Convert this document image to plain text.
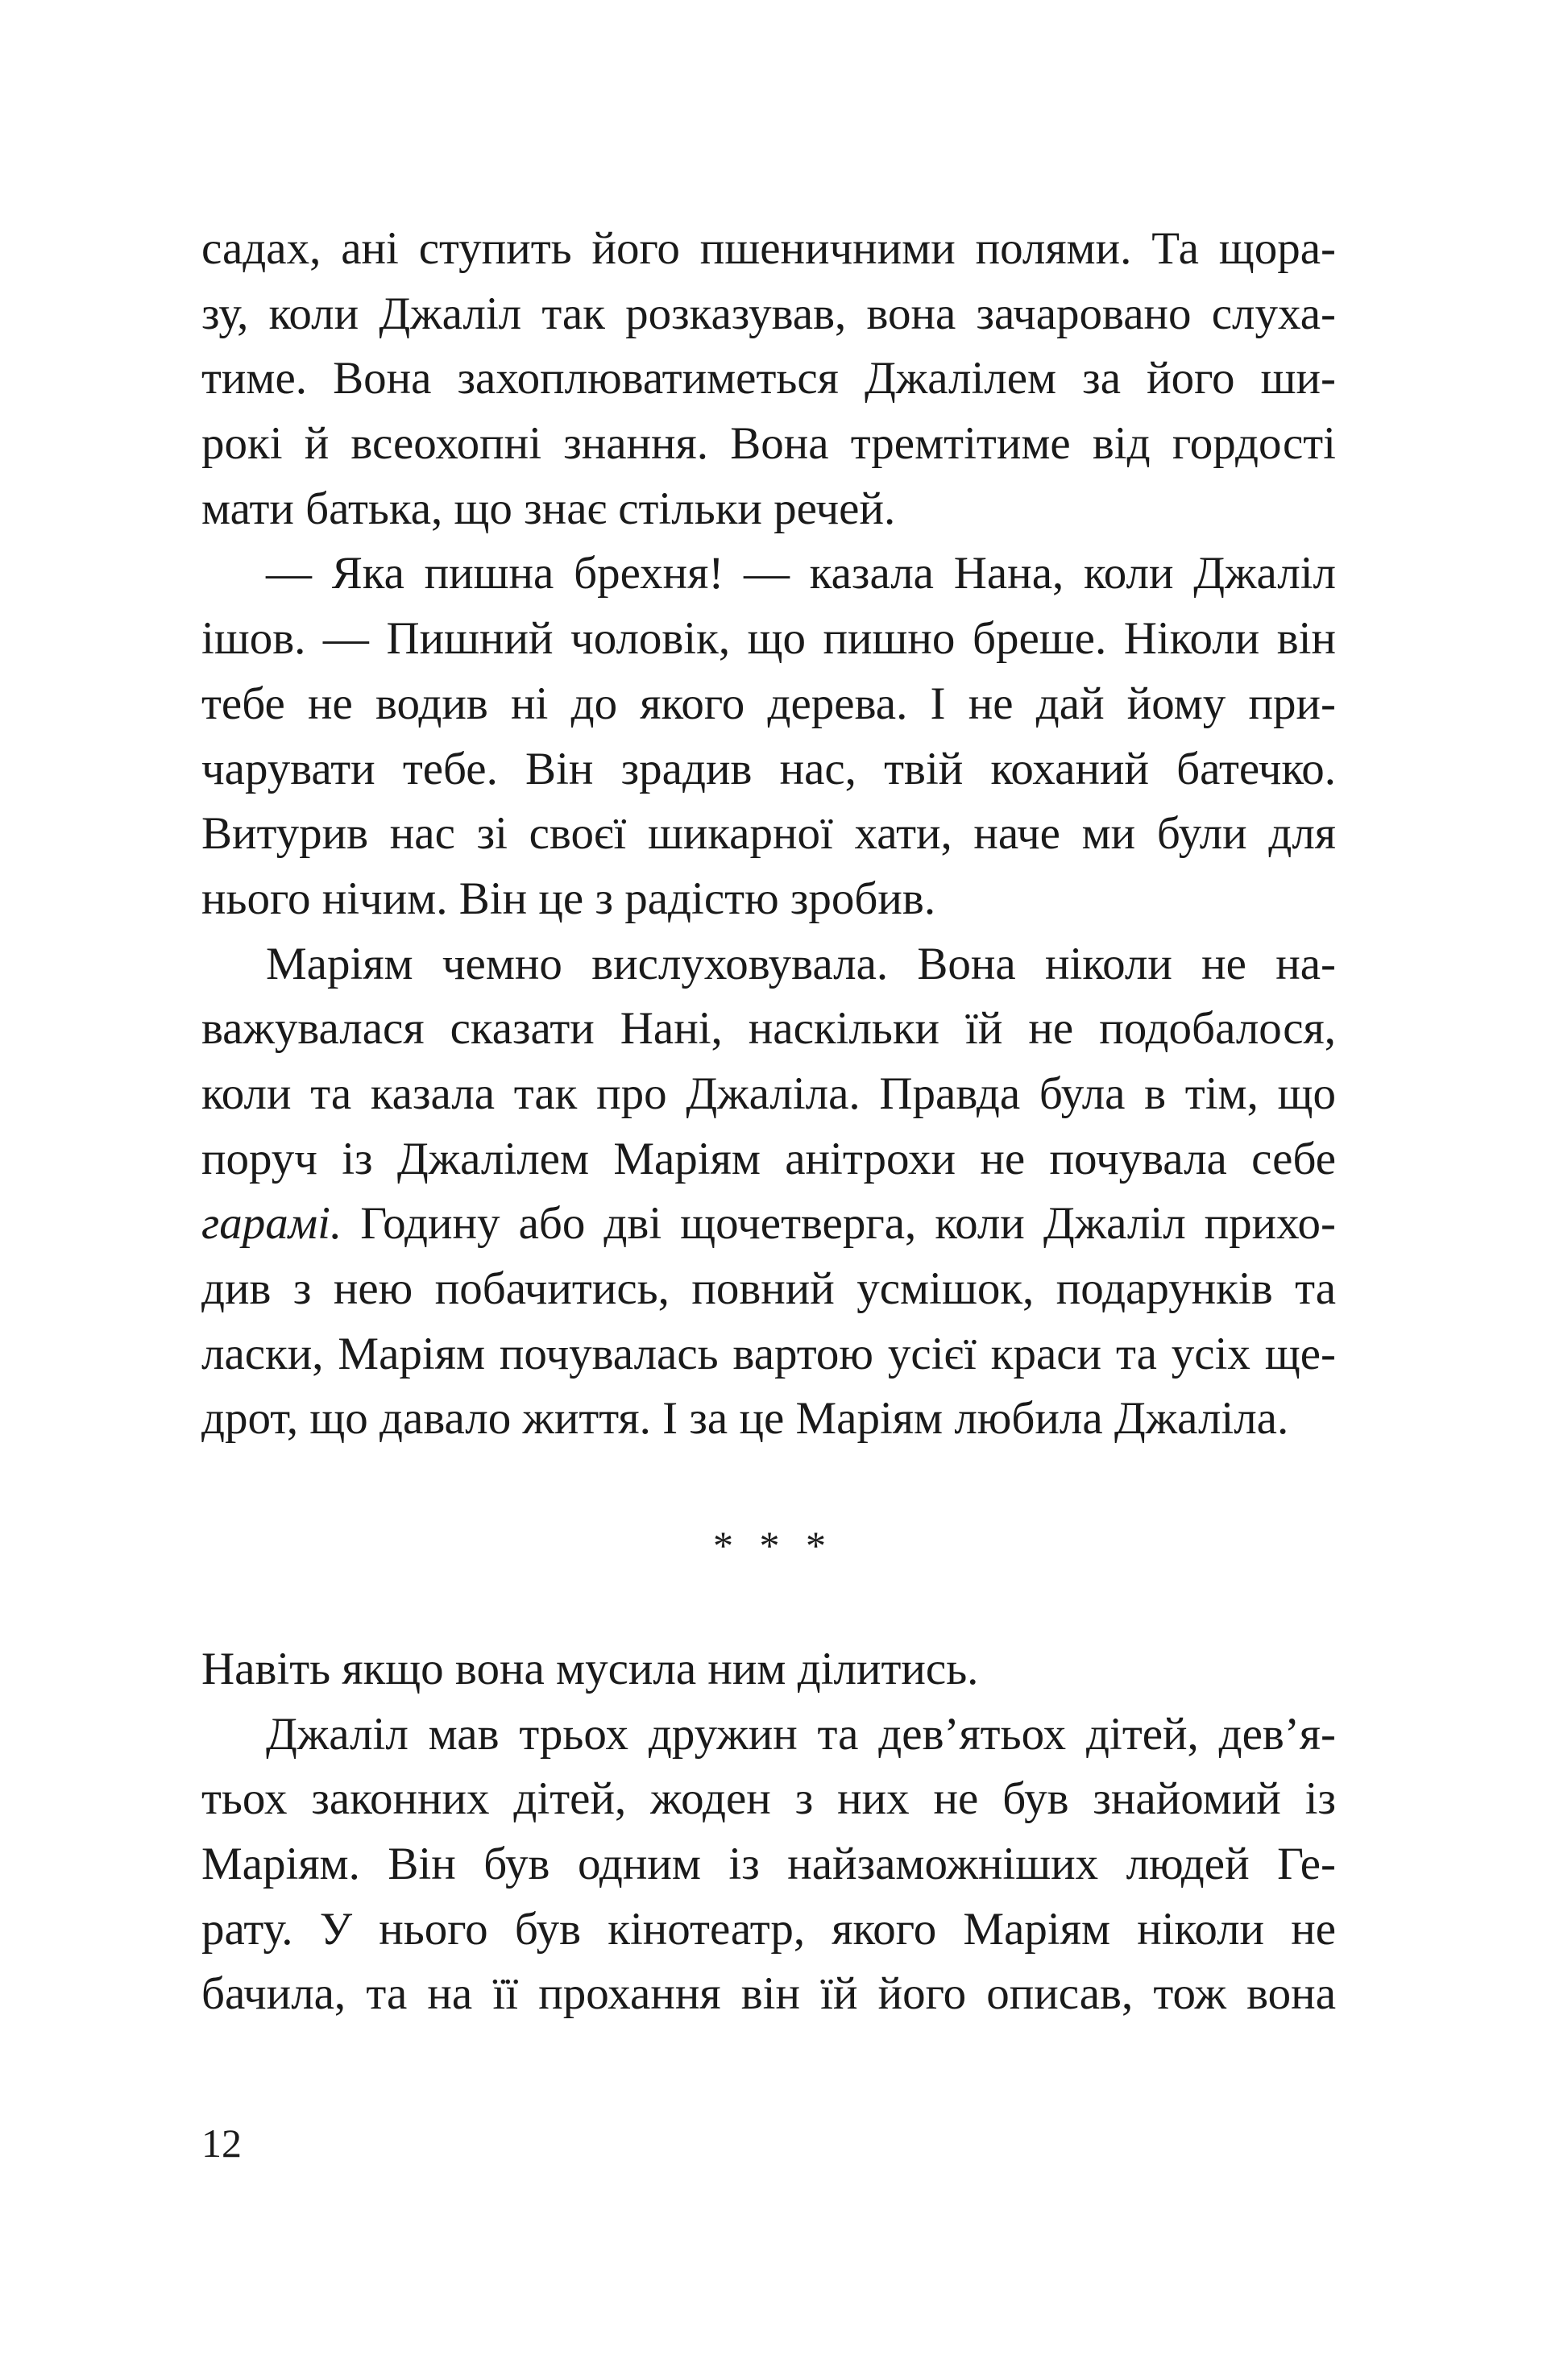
садах, ані ступить його пшеничними полями. Та щора-
зу, коли Джаліл так розказував, вона зачаровано слуха-
тиме. Вона захоплюватиметься Джалілем за його ши-
рокі й всеохопні знання. Вона тремтітиме від гордості
мати батька, що знає стільки речей.
— Яка пишна брехня! — казала Нана, коли Джаліл
ішов. — Пишний чоловік, що пишно бреше. Ніколи він
тебе не водив ні до якого дерева. І не дай йому при-
чарувати тебе. Він зрадив нас, твій коханий батечко.
Витурив нас зі своєї шикарної хати, наче ми були для
нього нічим. Він це з радістю зробив.
Маріям чемно вислуховувала. Вона ніколи не на-
важувалася сказати Нані, наскільки їй не подобалося,
коли та казала так про Джаліла. Правда була в тім, що
поруч із Джалілем Маріям анітрохи не почувала себе
гарамі. Годину або дві щочетверга, коли Джаліл прихо-
див з нею побачитись, повний усмішок, подарунків та
ласки, Маріям почувалась вартою усієї краси та усіх ще-
дрот, що давало життя. І за це Маріям любила Джаліла.
* * *
Навіть якщо вона мусила ним ділитись.
Джаліл мав трьох дружин та дев’ятьох дітей, дев’я-
тьох законних дітей, жоден з них не був знайомий із
Маріям. Він був одним із найзаможніших людей Ге-
рату. У нього був кінотеатр, якого Маріям ніколи не
бачила, та на її прохання він їй його описав, тож вона
12
